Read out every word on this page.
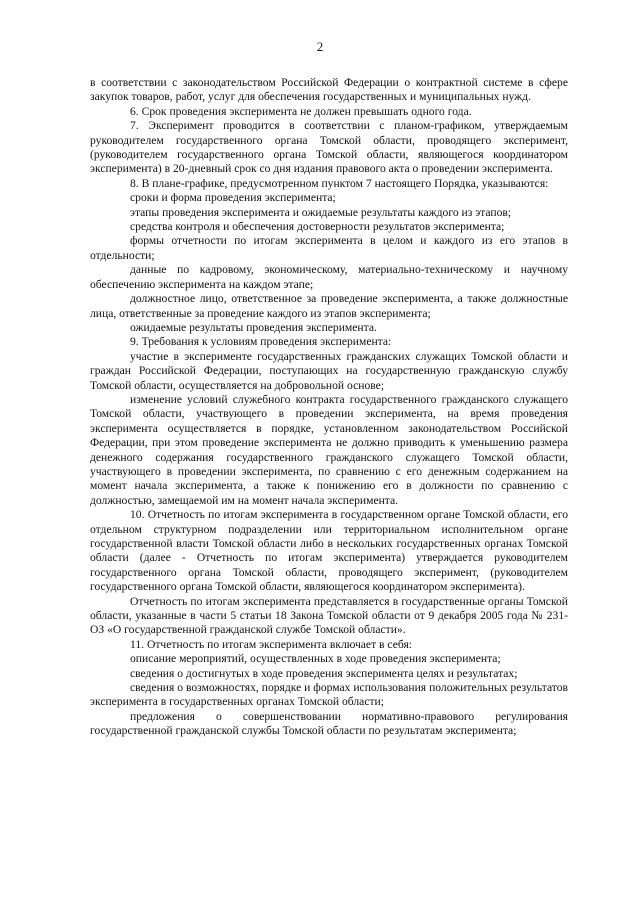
2

в соответствии с законодательством Российской Федерации о контрактной системе в сфере закупок товаров, работ, услуг для обеспечения государственных и муниципальных нужд.

6. Срок проведения эксперимента не должен превышать одного года.

7. Эксперимент проводится в соответствии с планом-графиком, утверждаемым руководителем государственного органа Томской области, проводящего эксперимент, (руководителем государственного органа Томской области, являющегося координатором эксперимента) в 20-дневный срок со дня издания правового акта о проведении эксперимента.

8. В плане-графике, предусмотренном пунктом 7 настоящего Порядка, указываются:

сроки и форма проведения эксперимента;

этапы проведения эксперимента и ожидаемые результаты каждого из этапов;

средства контроля и обеспечения достоверности результатов эксперимента;

формы отчетности по итогам эксперимента в целом и каждого из его этапов в отдельности;

данные по кадровому, экономическому, материально-техническому и научному обеспечению эксперимента на каждом этапе;

должностное лицо, ответственное за проведение эксперимента, а также должностные лица, ответственные за проведение каждого из этапов эксперимента;

ожидаемые результаты проведения эксперимента.

9. Требования к условиям проведения эксперимента:

участие в эксперименте государственных гражданских служащих Томской области и граждан Российской Федерации, поступающих на государственную гражданскую службу Томской области, осуществляется на добровольной основе;

изменение условий служебного контракта государственного гражданского служащего Томской области, участвующего в проведении эксперимента, на время проведения эксперимента осуществляется в порядке, установленном законодательством Российской Федерации, при этом проведение эксперимента не должно приводить к уменьшению размера денежного содержания государственного гражданского служащего Томской области, участвующего в проведении эксперимента, по сравнению с его денежным содержанием на момент начала эксперимента, а также к понижению его в должности по сравнению с должностью, замещаемой им на момент начала эксперимента.

10. Отчетность по итогам эксперимента в государственном органе Томской области, его отдельном структурном подразделении или территориальном исполнительном органе государственной власти Томской области либо в нескольких государственных органах Томской области (далее - Отчетность по итогам эксперимента) утверждается руководителем государственного органа Томской области, проводящего эксперимент, (руководителем государственного органа Томской области, являющегося координатором эксперимента).

Отчетность по итогам эксперимента представляется в государственные органы Томской области, указанные в части 5 статьи 18 Закона Томской области от 9 декабря 2005 года № 231-ОЗ «О государственной гражданской службе Томской области».

11. Отчетность по итогам эксперимента включает в себя:

описание мероприятий, осуществленных в ходе проведения эксперимента;

сведения о достигнутых в ходе проведения эксперимента целях и результатах;

сведения о возможностях, порядке и формах использования положительных результатов эксперимента в государственных органах Томской области;

предложения о совершенствовании нормативно-правового регулирования государственной гражданской службы Томской области по результатам эксперимента;
